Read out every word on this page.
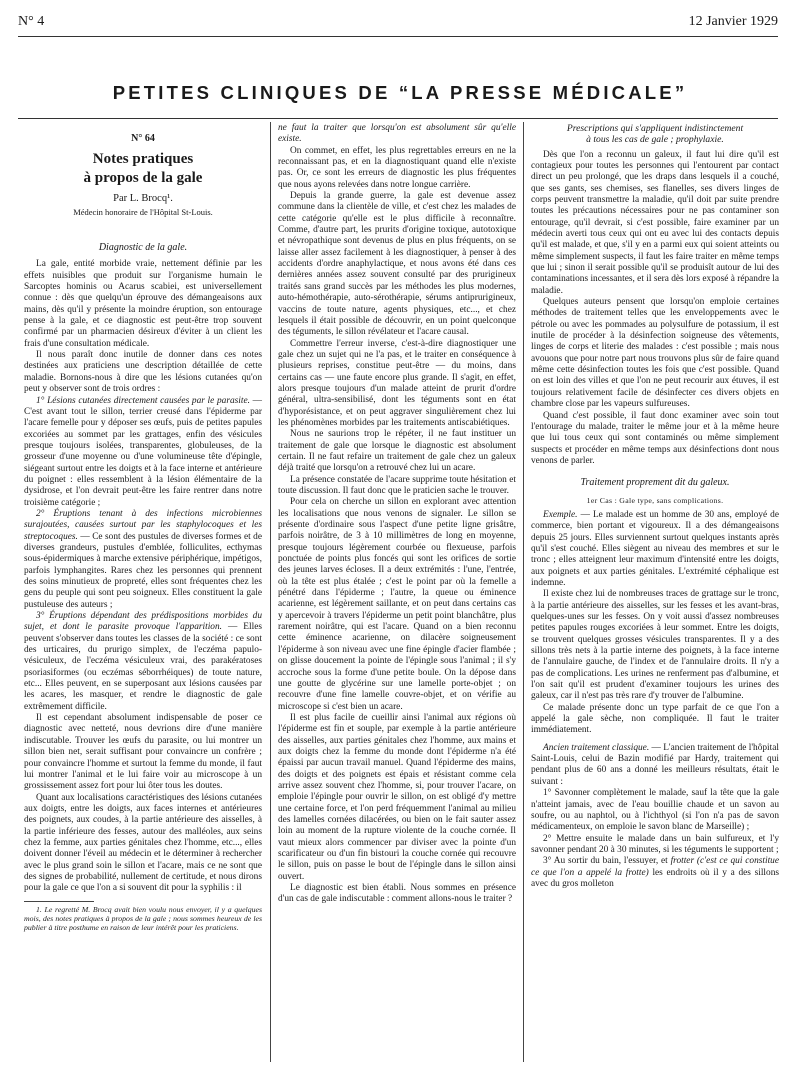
N° 4	12 Janvier 1929
PETITES CLINIQUES DE “LA PRESSE MÉDICALE”
N° 64
Notes pratiques
à propos de la gale
Par L. Brocq¹.
Médecin honoraire de l'Hôpital St-Louis.
Diagnostic de la gale.

La gale, entité morbide vraie, nettement définie par les effets nuisibles que produit sur l'organisme humain le Sarcoptes hominis ou Acarus scabiei, est universellement connue : dès que quelqu'un éprouve des démangeaisons aux mains, dès qu'il y présente la moindre éruption, son entourage pense à la gale, et ce diagnostic est peut-être trop souvent confirmé par un pharmacien désireux d'éviter à un client les frais d'une consultation médicale.

Il nous paraît donc inutile de donner dans ces notes destinées aux praticiens une description détaillée de cette maladie. Bornons-nous à dire que les lésions cutanées qu'on peut y observer sont de trois ordres :

1° Lésions cutanées directement causées par le parasite. — C'est avant tout le sillon, terrier creusé dans l'épiderme par l'acare femelle pour y déposer ses œufs, puis de petites papules excoriées au sommet par les grattages, enfin des vésicules presque toujours isolées, transparentes, globuleuses, de la grosseur d'une moyenne ou d'une volumineuse tête d'épingle, siégeant surtout entre les doigts et à la face interne et antérieure du poignet : elles ressemblent à la lésion élémentaire de la dysidrose, et l'on devrait peut-être les faire rentrer dans notre troisième catégorie ;

2° Éruptions tenant à des infections microbiennes surajoutées, causées surtout par les staphylocoques et les streptocoques. — Ce sont des pustules de diverses formes et de diverses grandeurs, pustules d'emblée, folliculites, ecthymas sous-épidermiques à marche extensive périphérique, impétigos, parfois lymphangites. Rares chez les personnes qui prennent des soins minutieux de propreté, elles sont fréquentes chez les gens du peuple qui sont peu soigneux. Elles constituent la gale pustuleuse des auteurs ;

3° Éruptions dépendant des prédispositions morbides du sujet, et dont le parasite provoque l'apparition. — Elles peuvent s'observer dans toutes les classes de la société : ce sont des urticaires, du prurigo simplex, de l'eczéma papulo-vésiculeux, de l'eczéma vésiculeux vrai, des parakératoses psoriasiformes (ou eczémas séborrhéiques) de toute nature, etc... Elles peuvent, en se superposant aux lésions causées par les acares, les masquer, et rendre le diagnostic de gale extrêmement difficile.

Il est cependant absolument indispensable de poser ce diagnostic avec netteté, nous devrions dire d'une manière indiscutable. Trouver les œufs du parasite, ou lui montrer un sillon bien net, serait suffisant pour convaincre un confrère ; pour convaincre l'homme et surtout la femme du monde, il faut lui montrer l'animal et le lui faire voir au microscope à un grossissement assez fort pour lui ôter tous les doutes.

Quant aux localisations caractéristiques des lésions cutanées aux doigts, entre les doigts, aux faces internes et antérieures des poignets, aux coudes, à la partie antérieure des aisselles, à la partie inférieure des fesses, autour des malléoles, aux seins chez la femme, aux parties génitales chez l'homme, etc..., elles doivent donner l'éveil au médecin et le déterminer à rechercher avec le plus grand soin le sillon et l'acare, mais ce ne sont que des signes de probabilité, nullement de certitude, et nous dirons pour la gale ce que l'on a si souvent dit pour la syphilis : il

1. Le regretté M. Brocq avait bien voulu nous envoyer, il y a quelques mois, des notes pratiques à propos de la gale ; nous sommes heureux de les publier à titre posthume en raison de leur intérêt pour les praticiens.

ne faut la traiter que lorsqu'on est absolument sûr qu'elle existe.

On commet, en effet, les plus regrettables erreurs en ne la reconnaissant pas, et en la diagnostiquant quand elle n'existe pas. Or, ce sont les erreurs de diagnostic les plus fréquentes que nous ayons relevées dans notre longue carrière.

Depuis la grande guerre, la gale est devenue assez commune dans la clientèle de ville, et c'est chez les malades de cette catégorie qu'elle est le plus difficile à reconnaître. Comme, d'autre part, les prurits d'origine toxique, autotoxique et névropathique sont devenus de plus en plus fréquents, on se laisse aller assez facilement à les diagnostiquer, à penser à des accidents d'ordre anaphylactique, et nous avons été dans ces dernières années assez souvent consulté par des prurigineux traités sans grand succès par les méthodes les plus modernes, auto-hémothérapie, auto-sérothérapie, sérums antiprurigineux, vaccins de toute nature, agents physiques, etc..., et chez lesquels il était possible de découvrir, en un point quelconque des téguments, le sillon révélateur et l'acare causal.

Commettre l'erreur inverse, c'est-à-dire diagnostiquer une gale chez un sujet qui ne l'a pas, et le traiter en conséquence à plusieurs reprises, constitue peut-être — du moins, dans certains cas — une faute encore plus grande. Il s'agit, en effet, alors presque toujours d'un malade atteint de prurit d'ordre général, ultra-sensibilisé, dont les téguments sont en état d'hyporésistance, et on peut aggraver singulièrement chez lui les phénomènes morbides par les traitements antiscabiétiques.

Nous ne saurions trop le répéter, il ne faut instituer un traitement de gale que lorsque le diagnostic est absolument certain. Il ne faut refaire un traitement de gale chez un galeux déjà traité que lorsqu'on a retrouvé chez lui un acare.

La présence constatée de l'acare supprime toute hésitation et toute discussion. Il faut donc que le praticien sache le trouver.

Pour cela on cherche un sillon en explorant avec attention les localisations que nous venons de signaler. Le sillon se présente d'ordinaire sous l'aspect d'une petite ligne grisâtre, parfois noirâtre, de 3 à 10 millimètres de long en moyenne, presque toujours légèrement courbée ou flexueuse, parfois ponctuée de points plus foncés qui sont les orifices de sortie des jeunes larves écloses. Il a deux extrémités : l'une, l'entrée, où la tête est plus étalée ; c'est le point par où la femelle a pénétré dans l'épiderme ; l'autre, la queue ou éminence acarienne, est légèrement saillante, et on peut dans certains cas y apercevoir à travers l'épiderme un petit point blanchâtre, plus rarement noirâtre, qui est l'acare. Quand on a bien reconnu cette éminence acarienne, on dilacère soigneusement l'épiderme à son niveau avec une fine épingle d'acier flambée ; on glisse doucement la pointe de l'épingle sous l'animal ; il s'y accroche sous la forme d'une petite boule. On la dépose dans une goutte de glycérine sur une lamelle porte-objet ; on recouvre d'une fine lamelle couvre-objet, et on vérifie au microscope si c'est bien un acare.

Il est plus facile de cueillir ainsi l'animal aux régions où l'épiderme est fin et souple, par exemple à la partie antérieure des aisselles, aux parties génitales chez l'homme, aux mains et aux doigts chez la femme du monde dont l'épiderme n'a été épaissi par aucun travail manuel. Quand l'épiderme des mains, des doigts et des poignets est épais et résistant comme cela arrive assez souvent chez l'homme, si, pour trouver l'acare, on emploie l'épingle pour ouvrir le sillon, on est obligé d'y mettre une certaine force, et l'on perd fréquemment l'animal au milieu des lamelles cornées dilacérées, ou bien on le fait sauter assez loin au moment de la rupture violente de la couche cornée. Il vaut mieux alors commencer par diviser avec la pointe d'un scarificateur ou d'un fin bistouri la couche cornée qui recouvre le sillon, puis on passe le bout de l'épingle dans le sillon ainsi ouvert.

Le diagnostic est bien établi. Nous sommes en présence d'un cas de gale indiscutable : comment allons-nous le traiter ?

Prescriptions qui s'appliquent indistinctement
à tous les cas de gale ; prophylaxie.

Dès que l'on a reconnu un galeux, il faut lui dire qu'il est contagieux pour toutes les personnes qui l'entourent par contact direct un peu prolongé, que les draps dans lesquels il a couché, que ses gants, ses chemises, ses flanelles, ses divers linges de corps peuvent transmettre la maladie, qu'il doit par suite prendre toutes les précautions nécessaires pour ne pas contaminer son entourage, qu'il devrait, si c'est possible, faire examiner par un médecin averti tous ceux qui ont eu avec lui des contacts depuis qu'il est malade, et que, s'il y en a parmi eux qui soient atteints ou même simplement suspects, il faut les faire traiter en même temps que lui ; sinon il serait possible qu'il se produisît autour de lui des contaminations incessantes, et il sera dès lors exposé à répandre la maladie.

Quelques auteurs pensent que lorsqu'on emploie certaines méthodes de traitement telles que les enveloppements avec le pétrole ou avec les pommades au polysulfure de potassium, il est inutile de procéder à la désinfection soigneuse des vêtements, linges de corps et literie des malades : c'est possible ; mais nous avouons que pour notre part nous trouvons plus sûr de faire quand même cette désinfection toutes les fois que c'est possible. Quand on est loin des villes et que l'on ne peut recourir aux étuves, il est toujours relativement facile de désinfecter ces divers objets en chambre close par les vapeurs sulfureuses.

Quand c'est possible, il faut donc examiner avec soin tout l'entourage du malade, traiter le même jour et à la même heure que lui tous ceux qui sont contaminés ou même simplement suspects et procéder en même temps aux désinfections dont nous venons de parler.

Traitement proprement dit du galeux.
1er Cas : Gale type, sans complications.

Exemple. — Le malade est un homme de 30 ans, employé de commerce, bien portant et vigoureux. Il a des démangeaisons depuis 25 jours. Elles surviennent surtout quelques instants après qu'il s'est couché. Elles siègent au niveau des membres et sur le tronc ; elles atteignent leur maximum d'intensité entre les doigts, aux poignets et aux parties génitales. L'extrémité céphalique est indemne.

Il existe chez lui de nombreuses traces de grattage sur le tronc, à la partie antérieure des aisselles, sur les fesses et les avant-bras, quelques-unes sur les fesses. On y voit aussi d'assez nombreuses petites papules rouges excoriées à leur sommet. Entre les doigts, se trouvent quelques grosses vésicules transparentes. Il y a des sillons très nets à la partie interne des poignets, à la face interne de l'annulaire gauche, de l'index et de l'annulaire droits. Il n'y a pas de complications. Les urines ne renferment pas d'albumine, et l'on sait qu'il est prudent d'examiner toujours les urines des galeux, car il n'est pas très rare d'y trouver de l'albumine.

Ce malade présente donc un type parfait de ce que l'on a appelé la gale sèche, non compliquée. Il faut le traiter immédiatement.

Ancien traitement classique. — L'ancien traitement de l'hôpital Saint-Louis, celui de Bazin modifié par Hardy, traitement qui pendant plus de 60 ans a donné les meilleurs résultats, était le suivant :

1° Savonner complètement le malade, sauf la tête que la gale n'atteint jamais, avec de l'eau bouillie chaude et un savon au soufre, ou au naphtol, ou à l'ichthyol (si l'on n'a pas de savon médicamenteux, on emploie le savon blanc de Marseille) ;

2° Mettre ensuite le malade dans un bain sulfureux, et l'y savonner pendant 20 à 30 minutes, si les téguments le supportent ;

3° Au sortir du bain, l'essuyer, et frotter (c'est ce qui constitue ce que l'on a appelé la frotte) les endroits où il y a des sillons avec du gros molleton
